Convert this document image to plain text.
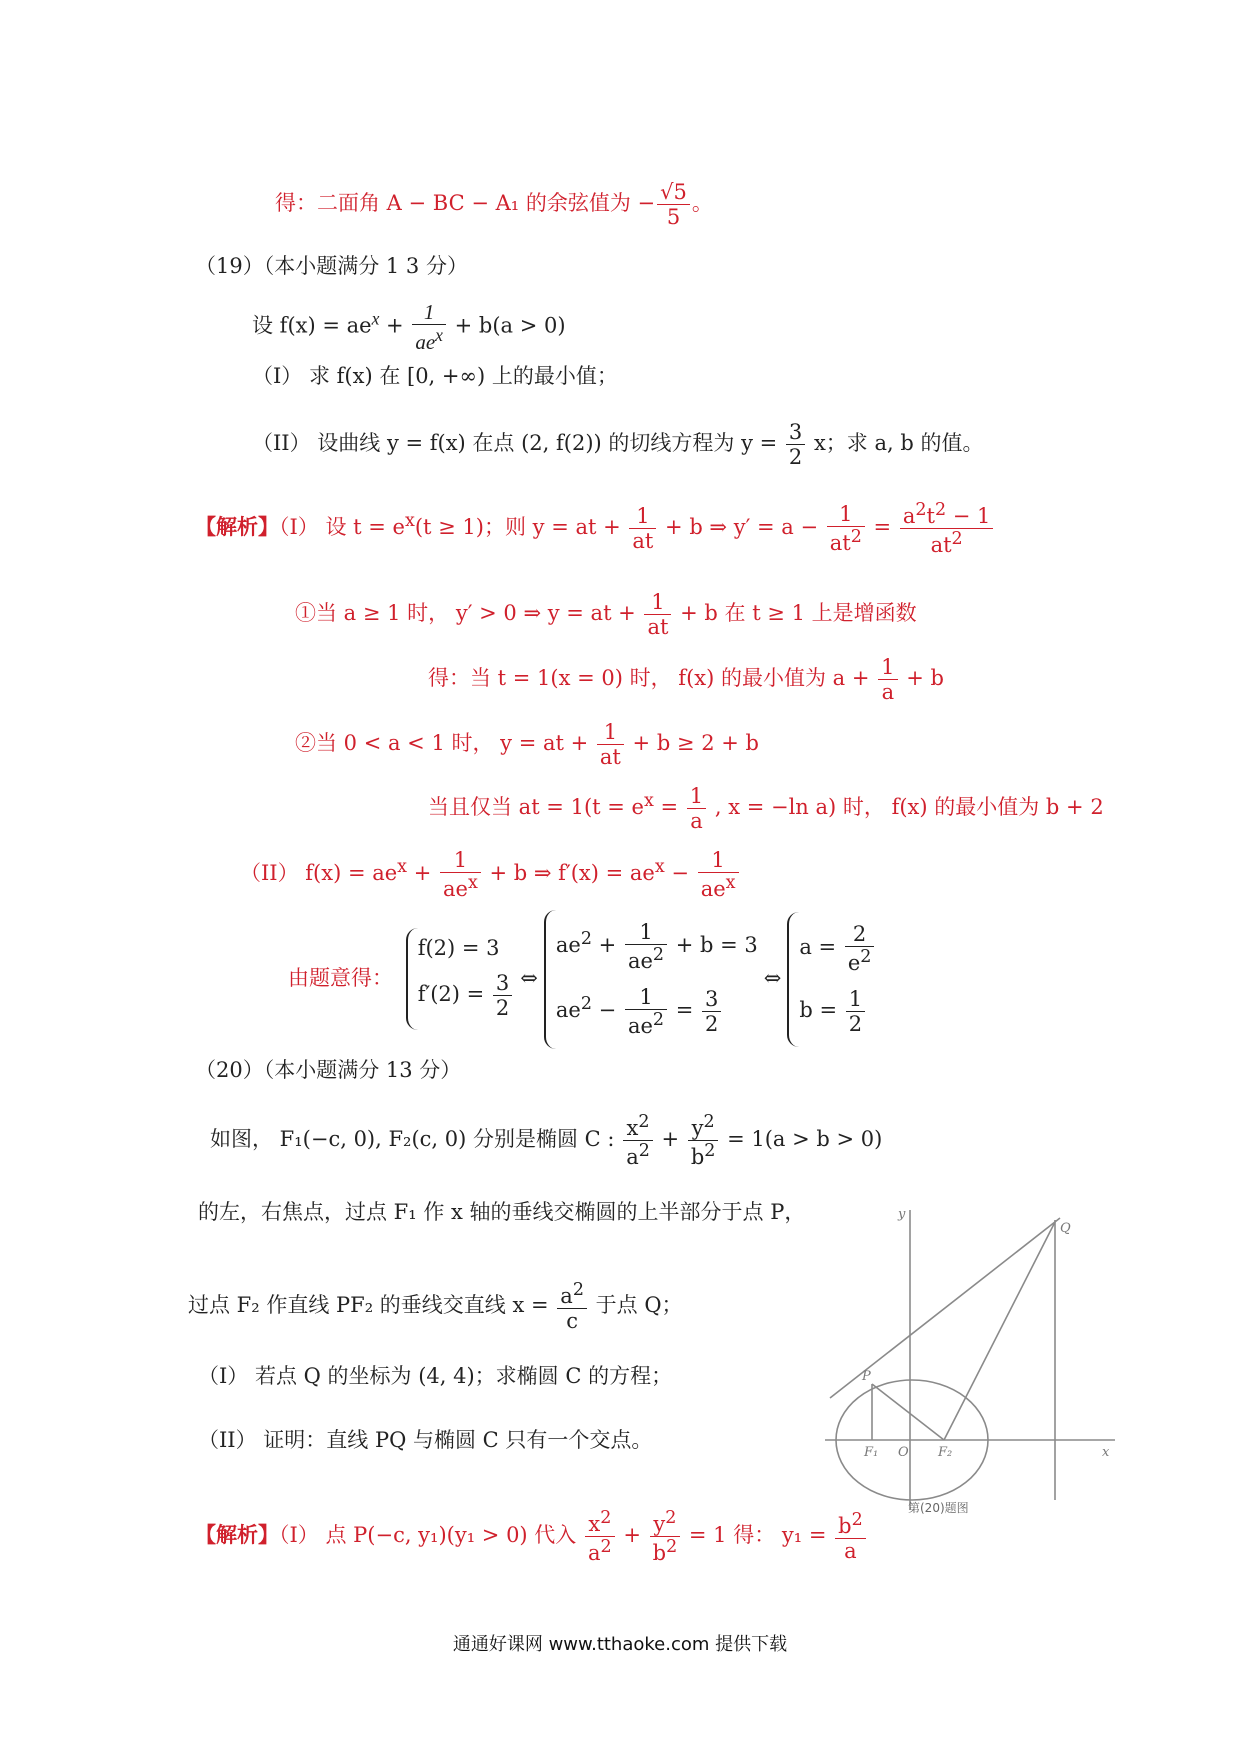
得：二面角 A − BC − A₁ 的余弦值为 − $\frac{√5}{5}$ 。
（19）（本小题满分 1 3 分）
设 $f(x) = ae^x + \frac{1}{ae^x} + b(a > 0)$
（I） 求 f(x) 在 [0, +∞) 上的最小值；
（II） 设曲线 y = f(x) 在点 (2, f(2)) 的切线方程为 $y = \frac{3}{2}$ x；求 a, b 的值。
【解析】（I） 设 $t = e^x(t \ge 1)$；则 y = at + $\frac{1}{at} + b$ ⇒ $y' = a - \frac{1}{at^2} = \frac{a^2t^2 - 1}{at^2}$
①当 a ≥ 1 时， y′ > 0 ⇒ y = at + $\frac{1}{at} + b$ 在 t ≥ 1 上是增函数
得：当 t = 1(x = 0) 时， f(x) 的最小值为 $a + \frac{1}{a} + b$
②当 0 < a < 1 时， y = at + $\frac{1}{at} + b \ge 2 + b$
当且仅当 at = $1(t = e^x = \frac{1}{a}$ , x = −ln a) 时， f(x) 的最小值为 b + 2
（II） $f(x) = ae^x + \frac{1}{ae^x} + b$ ⇒ $f'(x) = ae^x - \frac{1}{ae^x}$
由题意得：
f(2) = 3
$f'(2) = \frac{3}{2}$ ⇔
$ae^2 + \frac{1}{ae^2} + b = 3$
$ae^2 - \frac{1}{ae^2} = \frac{3}{2}$
⇔
$a = \frac{2}{e^2}$
$b = \frac{1}{2}$
（20）（本小题满分 13 分）
如图， F₁(−c, 0), F₂(c, 0) 分别是椭圆 C : $\frac{x^2}{a^2} + \frac{y^2}{b^2} = 1(a > b > 0)$
的左，右焦点，过点 F₁ 作 x 轴的垂线交椭圆的上半部分于点 P，
过点 F₂ 作直线 PF₂ 的垂线交直线 $x = \frac{a^2}{c}$ 于点 Q；
（I） 若点 Q 的坐标为 (4, 4)；求椭圆 C 的方程；
（II） 证明：直线 PQ 与椭圆 C 只有一个交点。
【解析】（I） 点 P(−c, y₁)(y₁ > 0) 代入 $\frac{x^2}{a^2} + \frac{y^2}{b^2} = 1$ 得： $y_1 = \frac{b^2}{a}$
y
Q
P
F₁ O F₂	x
第(20)题图
通通好课网 www.tthaoke.com 提供下载
